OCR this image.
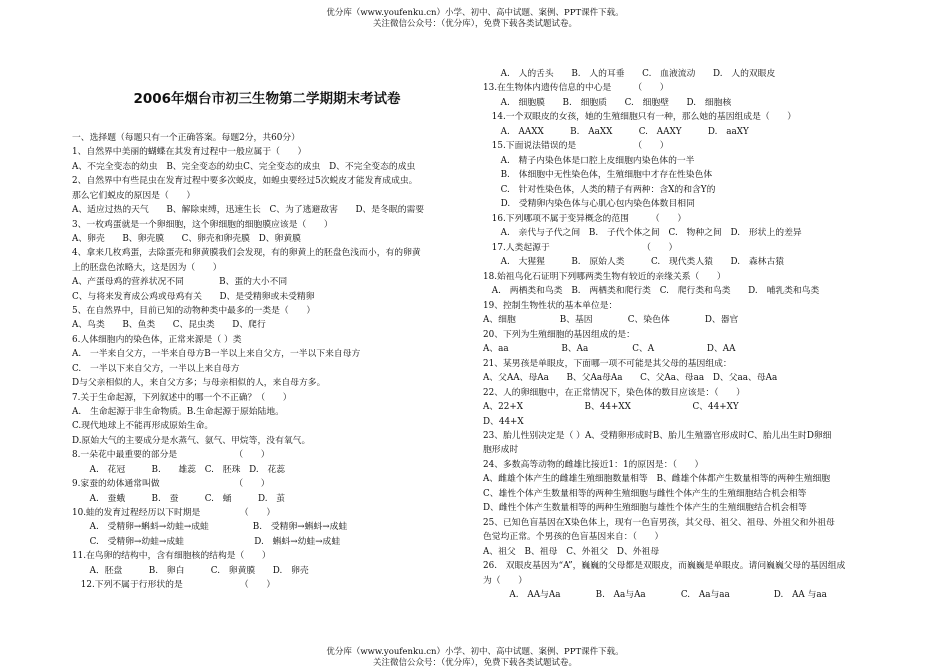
优分库（www.youfenku.cn）小学、初中、高中试题、案例、PPT课件下载。
关注微信公众号：（优分库），免费下载各类试题试卷。
2006年烟台市初三生物第二学期期末考试卷
一、选择题（每题只有一个正确答案。每题2分，共60分）
1、自然界中美丽的蝴蝶在其发育过程中一般应属于（　　）
A、不完全变态的幼虫　B、完全变态的幼虫C、完全变态的成虫　D、不完全变态的成虫
2、自然界中有些昆虫在发育过程中要多次蜕皮，如蝗虫要经过5次蜕皮才能发育成成虫。
那么它们蜕皮的原因是（　　）
A、适应过热的天气　　B、解除束缚，迅速生长　C、为了逃避敌害　　D、是冬眠的需要
3、一枚鸡蛋就是一个卵细胞，这个卵细胞的细胞膜应该是（　　）
A、卵壳　　B、卵壳膜　　C、卵壳和卵壳膜　D、卵黄膜
4、拿来几枚鸡蛋，去除蛋壳和卵黄膜我们会发现，有的卵黄上的胚盘色浅而小，有的卵黄
上的胚盘色浓略大，这是因为（　　）
A、产蛋母鸡的营养状况不同　　　　B、蛋的大小不同
C、与将来发育成公鸡或母鸡有关　　D、是受精卵或未受精卵
5、在自然界中，目前已知的动物种类中最多的一类是（　　）
A、鸟类　　B、鱼类　　C、昆虫类　　D、爬行
6.人体细胞内的染色体，正常来源是（ ）类
A.　一半来自父方，一半来自母方B一半以上来自父方，一半以下来自母方
C.　一半以下来自父方，一半以上来自母方
D与父亲相似的人，来自父方多；与母亲相似的人，来自母方多。
7.关于生命起源，下列叙述中的哪一个不正确？（　　）
A.　生命起源于非生命物质。B.生命起源于原始陆地。
C.现代地球上不能再形成原始生命。
D.原始大气的主要成分是水蒸气、氨气、甲烷等，没有氧气。
8.一朵花中最重要的部分是　　　　　　　（　　）
　　A.　花冠　　　B.　　雄蕊　C.　胚珠　D.　花蕊
9.家蚕的幼体通常叫做　　　　　　　　　（　　）
　　A.　蚕蛾　　　B.　蚕　　　C.　蛹　　　D.　茧
10.蛙的发育过程经历以下时期是　　　　　（　　）
　　A.　受精卵→蝌蚪→幼蛙→成蛙　　　　　B.　受精卵→蝌蚪→成蛙
　　C.　受精卵→幼蛙→成蛙　　　　　　　　D.　蝌蚪→幼蛙→成蛙
11.在鸟卵的结构中，含有细胞核的结构是（　　）
　　A．胚盘　　　B.　卵白　　　C.　卵黄膜　　D.　卵壳
　12.下列不属于行形状的是　　　　　　　（　　）
　　A.　人的舌头　　B.　人的耳垂　　C.　血液流动　　D.　人的双眼皮
13.在生物体内遗传信息的中心是　　　（　　）
　　A.　细胞膜　　B.　细胞质　　C.　细胞壁　　D.　细胞核
　14.一个双眼皮的女孩，她的生殖细胞只有一种，那么她的基因组成是（　　）
　　A.　AAXX　　　B.　AaXX　　　C.　AAXY　　　D.　aaXY
　15.下面说法错误的是　　　　　　　（　　）
　　A.　精子内染色体是口腔上皮细胞内染色体的一半
　　B.　体细胞中无性染色体，生殖细胞中才存在性染色体
　　C.　针对性染色体，人类的精子有两种：含X的和含Y的
　　D.　受精卵内染色体与心肌心包内染色体数目相同
　16.下列哪项不属于变异概念的范围　　　（　　）
　　A.　亲代与子代之间　B.　子代个体之间　C.　物种之间　D.　形状上的差异
　17.人类起源于　　　　　　　　　　　（　　）
　　A.　大猩猩　　　B.　原始人类　　　C.　现代类人猿　　D.　森林古猿
18.始祖鸟化石证明下列哪两类生物有较近的亲缘关系（　　）
　A.　两栖类和鸟类　B.　两栖类和爬行类　C.　爬行类和鸟类　　D.　哺乳类和鸟类
19、控制生物性状的基本单位是：
A、细胞　　　　　B、基因　　　　C、染色体　　　　D、器官
20、下列为生殖细胞的基因组成的是：
A、aa　　　　　　B、Aa　　　　　C、A　　　　　　D、AA
21、某男孩是单眼皮，下面哪一项不可能是其父母的基因组成：
A、父AA、母Aa　　B、父Aa母Aa　　C、父Aa、母aa　D、父aa、母Aa
22、人的卵细胞中，在正常情况下，染色体的数目应该是：（　　）
A、22+X　　　　　　　B、44+XX　　　　　　　C、44+XY
D、44+X
23、胎儿性别决定是（ ）A、受精卵形成时B、胎儿生殖器官形成时C、胎儿出生时D卵细
胞形成时
24、多数高等动物的雌雄比接近1：1的原因是：（　　）
A、雌雄个体产生的雌雄生殖细胞数量相等　B、雌雄个体都产生数量相等的两种生殖细胞
C、雄性个体产生数量相等的两种生殖细胞与雌性个体产生的生殖细胞结合机会相等
D、雌性个体产生数量相等的两种生殖细胞与雄性个体产生的生殖细胞结合机会相等
25、已知色盲基因在X染色体上，现有一色盲男孩，其父母、祖父、祖母、外祖父和外祖母
色觉均正常。个男孩的色盲基因来自：（　　）
A、祖父　B、祖母　C、外祖父　D、外祖母
26.　双眼皮基因为“A”，巍巍的父母都是双眼皮，而巍巍是单眼皮。请问巍巍父母的基因组成
为（　　）
　　　A.　AA与Aa　　　　B.　Aa与Aa　　　　C.　Aa与aa　　　　　D.　AA 与aa
优分库（www.youfenku.cn）小学、初中、高中试题、案例、PPT课件下载。
关注微信公众号：（优分库），免费下载各类试题试卷。
